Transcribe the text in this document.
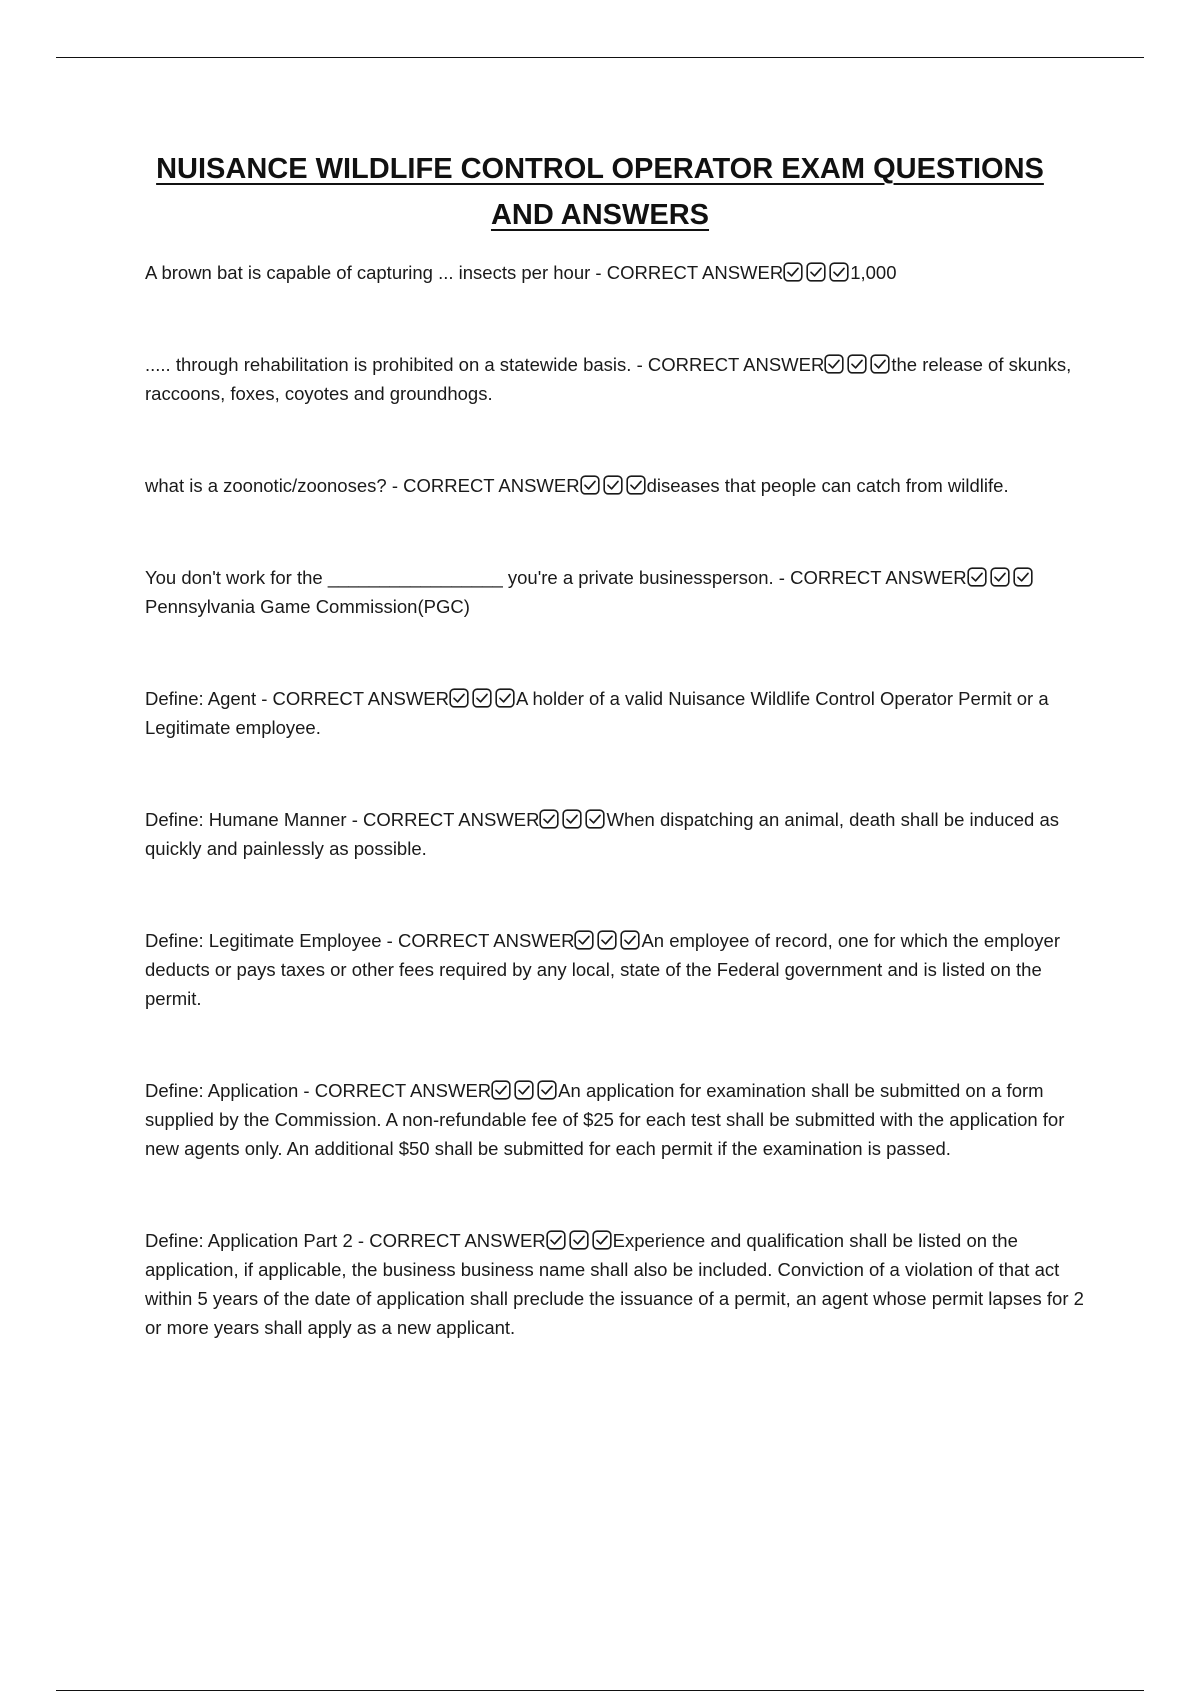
NUISANCE WILDLIFE CONTROL OPERATOR EXAM QUESTIONS
AND ANSWERS
A brown bat is capable of capturing ... insects per hour - CORRECT ANSWER	1,000
..... through rehabilitation is prohibited on a statewide basis. - CORRECT ANSWER	the release of skunks, raccoons, foxes, coyotes and groundhogs.
what is a zoonotic/zoonoses? - CORRECT ANSWER	diseases that people can catch from wildlife.
You don't work for the _________________ you're a private businessperson. - CORRECT ANSWER
Pennsylvania Game Commission(PGC)
Define: Agent - CORRECT ANSWER	A holder of a valid Nuisance Wildlife Control Operator Permit or a Legitimate employee.
Define: Humane Manner - CORRECT ANSWER	When dispatching an animal, death shall be induced as quickly and painlessly as possible.
Define: Legitimate Employee - CORRECT ANSWER	An employee of record, one for which the employer deducts or pays taxes or other fees required by any local, state of the Federal government and is listed on the permit.
Define: Application - CORRECT ANSWER	An application for examination shall be submitted on a form supplied by the Commission. A non-refundable fee of $25 for each test shall be submitted with the application for new agents only. An additional $50 shall be submitted for each permit if the examination is passed.
Define: Application Part 2 - CORRECT ANSWER	Experience and qualification shall be listed on the application, if applicable, the business business name shall also be included. Conviction of a violation of that act within 5 years of the date of application shall preclude the issuance of a permit, an agent whose permit lapses for 2 or more years shall apply as a new applicant.
